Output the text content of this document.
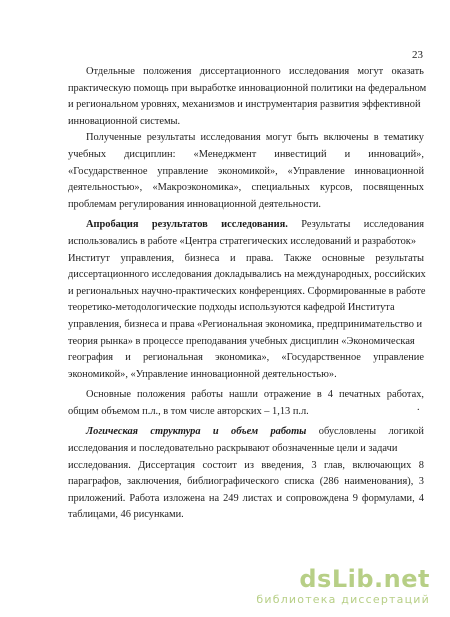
23
Отдельные положения диссертационного исследования могут оказать
практическую помощь при выработке инновационной политики на федеральном
и региональном уровнях, механизмов и инструментария развития эффективной
инновационной системы.
Полученные результаты исследования могут быть включены в тематику
учебных дисциплин: «Менеджмент инвестиций и инноваций»,
«Государственное управление экономикой», «Управление инновационной
деятельностью», «Макроэкономика», специальных курсов, посвященных
проблемам регулирования инновационной деятельности.
Апробация результатов исследования. Результаты исследования
использовались в работе «Центра стратегических исследований и разработок»
Институт управления, бизнеса и права. Также основные результаты
диссертационного исследования докладывались на международных, российских
и региональных научно-практических конференциях. Сформированные в работе
теоретико-методологические подходы используются кафедрой Института
управления, бизнеса и права «Региональная экономика, предпринимательство и
теория рынка» в процессе преподавания учебных дисциплин «Экономическая
география и региональная экономика», «Государственное управление
экономикой», «Управление инновационной деятельностью».
Основные положения работы нашли отражение в 4 печатных работах,
общим объемом п.л., в том числе авторских – 1,13 п.л.
Логическая структура и объем работы обусловлены логикой
исследования и последовательно раскрывают обозначенные цели и задачи
исследования. Диссертация состоит из введения, 3 глав, включающих 8
параграфов, заключения, библиографического списка (286 наименования), 3
приложений. Работа изложена на 249 листах и сопровождена 9 формулами, 4
таблицами, 46 рисунками.
.
dsLib.net
библиотека диссертаций
